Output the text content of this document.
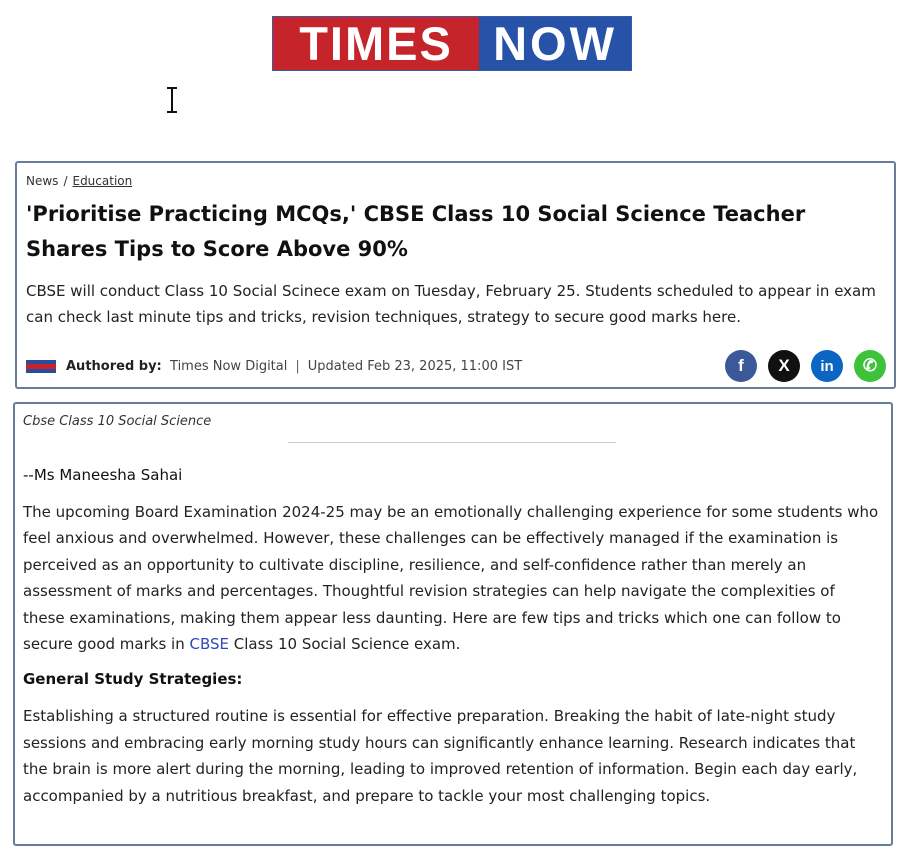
TIMES NOW
News / Education
'Prioritise Practicing MCQs,' CBSE Class 10 Social Science Teacher Shares Tips to Score Above 90%

CBSE will conduct Class 10 Social Scinece exam on Tuesday, February 25. Students scheduled to appear in exam can check last minute tips and tricks, revision techniques, strategy to secure good marks here.

Authored by: Times Now Digital | Updated Feb 23, 2025, 11:00 IST	f X in ✆
Cbse Class 10 Social Science
--Ms Maneesha Sahai

The upcoming Board Examination 2024-25 may be an emotionally challenging experience for some students who feel anxious and overwhelmed. However, these challenges can be effectively managed if the examination is perceived as an opportunity to cultivate discipline, resilience, and self-confidence rather than merely an assessment of marks and percentages. Thoughtful revision strategies can help navigate the complexities of these examinations, making them appear less daunting. Here are few tips and tricks which one can follow to secure good marks in CBSE Class 10 Social Science exam.

General Study Strategies:

Establishing a structured routine is essential for effective preparation. Breaking the habit of late-night study sessions and embracing early morning study hours can significantly enhance learning. Research indicates that the brain is more alert during the morning, leading to improved retention of information. Begin each day early, accompanied by a nutritious breakfast, and prepare to tackle your most challenging topics.
